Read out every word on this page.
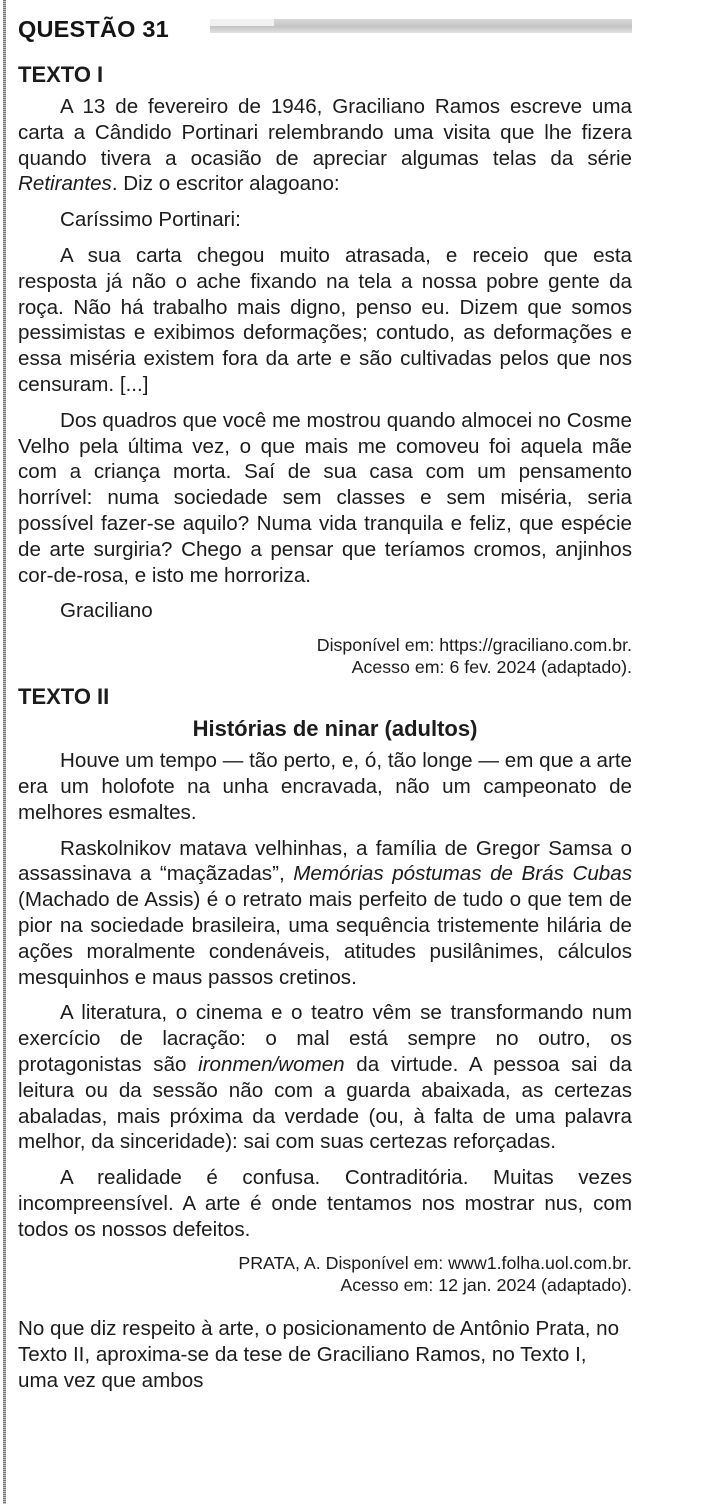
QUESTÃO 31
TEXTO I

A 13 de fevereiro de 1946, Graciliano Ramos escreve uma carta a Cândido Portinari relembrando uma visita que lhe fizera quando tivera a ocasião de apreciar algumas telas da série Retirantes. Diz o escritor alagoano:

Caríssimo Portinari:

A sua carta chegou muito atrasada, e receio que esta resposta já não o ache fixando na tela a nossa pobre gente da roça. Não há trabalho mais digno, penso eu. Dizem que somos pessimistas e exibimos deformações; contudo, as deformações e essa miséria existem fora da arte e são cultivadas pelos que nos censuram. [...]

Dos quadros que você me mostrou quando almocei no Cosme Velho pela última vez, o que mais me comoveu foi aquela mãe com a criança morta. Saí de sua casa com um pensamento horrível: numa sociedade sem classes e sem miséria, seria possível fazer-se aquilo? Numa vida tranquila e feliz, que espécie de arte surgiria? Chego a pensar que teríamos cromos, anjinhos cor-de-rosa, e isto me horroriza.

Graciliano

Disponível em: https://graciliano.com.br.

Acesso em: 6 fev. 2024 (adaptado).

TEXTO II
Histórias de ninar (adultos)

Houve um tempo — tão perto, e, ó, tão longe — em que a arte era um holofote na unha encravada, não um campeonato de melhores esmaltes.

Raskolnikov matava velhinhas, a família de Gregor Samsa o assassinava a “maçãzadas”, Memórias póstumas de Brás Cubas (Machado de Assis) é o retrato mais perfeito de tudo o que tem de pior na sociedade brasileira, uma sequência tristemente hilária de ações moralmente condenáveis, atitudes pusilânimes, cálculos mesquinhos e maus passos cretinos.

A literatura, o cinema e o teatro vêm se transformando num exercício de lacração: o mal está sempre no outro, os protagonistas são ironmen/women da virtude. A pessoa sai da leitura ou da sessão não com a guarda abaixada, as certezas abaladas, mais próxima da verdade (ou, à falta de uma palavra melhor, da sinceridade): sai com suas certezas reforçadas.

A realidade é confusa. Contraditória. Muitas vezes incompreensível. A arte é onde tentamos nos mostrar nus, com todos os nossos defeitos.

PRATA, A. Disponível em: www1.folha.uol.com.br.

Acesso em: 12 jan. 2024 (adaptado).

No que diz respeito à arte, o posicionamento de Antônio Prata, no Texto II, aproxima-se da tese de Graciliano Ramos, no Texto I, uma vez que ambos
